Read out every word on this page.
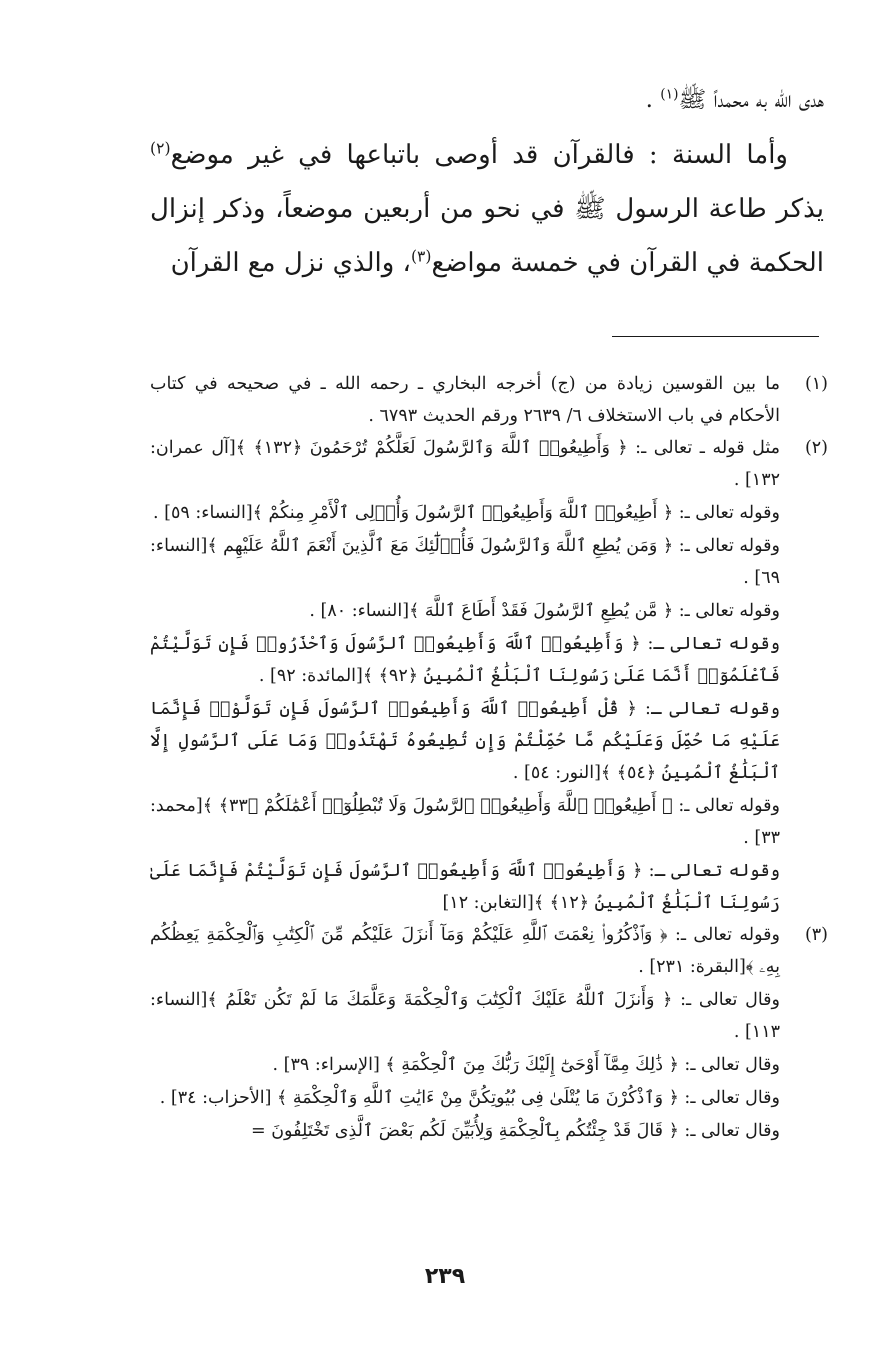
هدى الله به محمداً ﷺ$^{(١)}$ .

وأما السنة : فالقرآن قد أوصى باتباعها في غير موضع$^{(٢)}$ يذكر طاعة الرسول ﷺ في نحو من أربعين موضعاً، وذكر إنزال الحكمة في القرآن في خمسة مواضع$^{(٣)}$، والذي نزل مع القرآن

(١)

ما بين القوسين زيادة من (ج) أخرجه البخاري ـ رحمه الله ـ في صحيحه في كتاب الأحكام في باب الاستخلاف ٦/ ٢٦٣٩ ورقم الحديث ٦٧٩٣ .

(٢)

مثل قوله ـ تعالى ـ: ﴿ وَأَطِيعُوا۟ ٱللَّهَ وَٱلرَّسُولَ لَعَلَّكُمْ تُرْحَمُونَ ﴿١٣٢﴾ ﴾[آل عمران: ١٣٢] .

وقوله تعالى ـ: ﴿ أَطِيعُوا۟ ٱللَّهَ وَأَطِيعُوا۟ ٱلرَّسُولَ وَأُو۟لِى ٱلْأَمْرِ مِنكُمْ ﴾[النساء: ٥٩] .

وقوله تعالى ـ: ﴿ وَمَن يُطِعِ ٱللَّهَ وَٱلرَّسُولَ فَأُو۟لَٰٓئِكَ مَعَ ٱلَّذِينَ أَنْعَمَ ٱللَّهُ عَلَيْهِم ﴾[النساء: ٦٩] .

وقوله تعالى ـ: ﴿ مَّن يُطِعِ ٱلرَّسُولَ فَقَدْ أَطَاعَ ٱللَّهَ ﴾[النساء: ٨٠] .

وقوله تعالى ـ: ﴿ وَأَطِيعُوا۟ ٱللَّهَ وَأَطِيعُوا۟ ٱلرَّسُولَ وَٱحْذَرُوا۟ فَإِن تَوَلَّيْتُمْ فَٱعْلَمُوٓا۟ أَنَّمَا عَلَىٰ رَسُولِنَا ٱلْبَلَٰغُ ٱلْمُبِينُ ﴿٩٢﴾ ﴾[المائدة: ٩٢] .

وقوله تعالى ـ: ﴿ قُلْ أَطِيعُوا۟ ٱللَّهَ وَأَطِيعُوا۟ ٱلرَّسُولَ فَإِن تَوَلَّوْا۟ فَإِنَّمَا عَلَيْهِ مَا حُمِّلَ وَعَلَيْكُم مَّا حُمِّلْتُمْ وَإِن تُطِيعُوهُ تَهْتَدُوا۟ وَمَا عَلَى ٱلرَّسُولِ إِلَّا ٱلْبَلَٰغُ ٱلْمُبِينُ ﴿٥٤﴾ ﴾[النور: ٥٤] .

وقوله تعالى ـ: ﴿ أَطِيعُوا۟ ٱللَّهَ وَأَطِيعُوا۟ ٱلرَّسُولَ وَلَا تُبْطِلُوٓا۟ أَعْمَٰلَكُمْ ﴿٣٣﴾ ﴾[محمد: ٣٣] .

وقوله تعالى ـ: ﴿ وَأَطِيعُوا۟ ٱللَّهَ وَأَطِيعُوا۟ ٱلرَّسُولَ فَإِن تَوَلَّيْتُمْ فَإِنَّمَا عَلَىٰ رَسُولِنَا ٱلْبَلَٰغُ ٱلْمُبِينُ ﴿١٢﴾ ﴾[التغابن: ١٢]

(٣)

وقوله تعالى ـ: ﴿ وَٱذْكُرُوا۟ نِعْمَتَ ٱللَّهِ عَلَيْكُمْ وَمَآ أَنزَلَ عَلَيْكُم مِّنَ ٱلْكِتَٰبِ وَٱلْحِكْمَةِ يَعِظُكُم بِهِۦ ﴾[البقرة: ٢٣١] .

وقال تعالى ـ: ﴿ وَأَنزَلَ ٱللَّهُ عَلَيْكَ ٱلْكِتَٰبَ وَٱلْحِكْمَةَ وَعَلَّمَكَ مَا لَمْ تَكُن تَعْلَمُ ﴾[النساء: ١١٣] .

وقال تعالى ـ: ﴿ ذَٰلِكَ مِمَّآ أَوْحَىٰٓ إِلَيْكَ رَبُّكَ مِنَ ٱلْحِكْمَةِ ﴾ [الإسراء: ٣٩] .

وقال تعالى ـ: ﴿ وَٱذْكُرْنَ مَا يُتْلَىٰ فِى بُيُوتِكُنَّ مِنْ ءَايَٰتِ ٱللَّهِ وَٱلْحِكْمَةِ ﴾ [الأحزاب: ٣٤] .

وقال تعالى ـ: ﴿ قَالَ قَدْ جِئْتُكُم بِٱلْحِكْمَةِ وَلِأُبَيِّنَ لَكُم بَعْضَ ٱلَّذِى تَخْتَلِفُونَ =

٢٣٩
